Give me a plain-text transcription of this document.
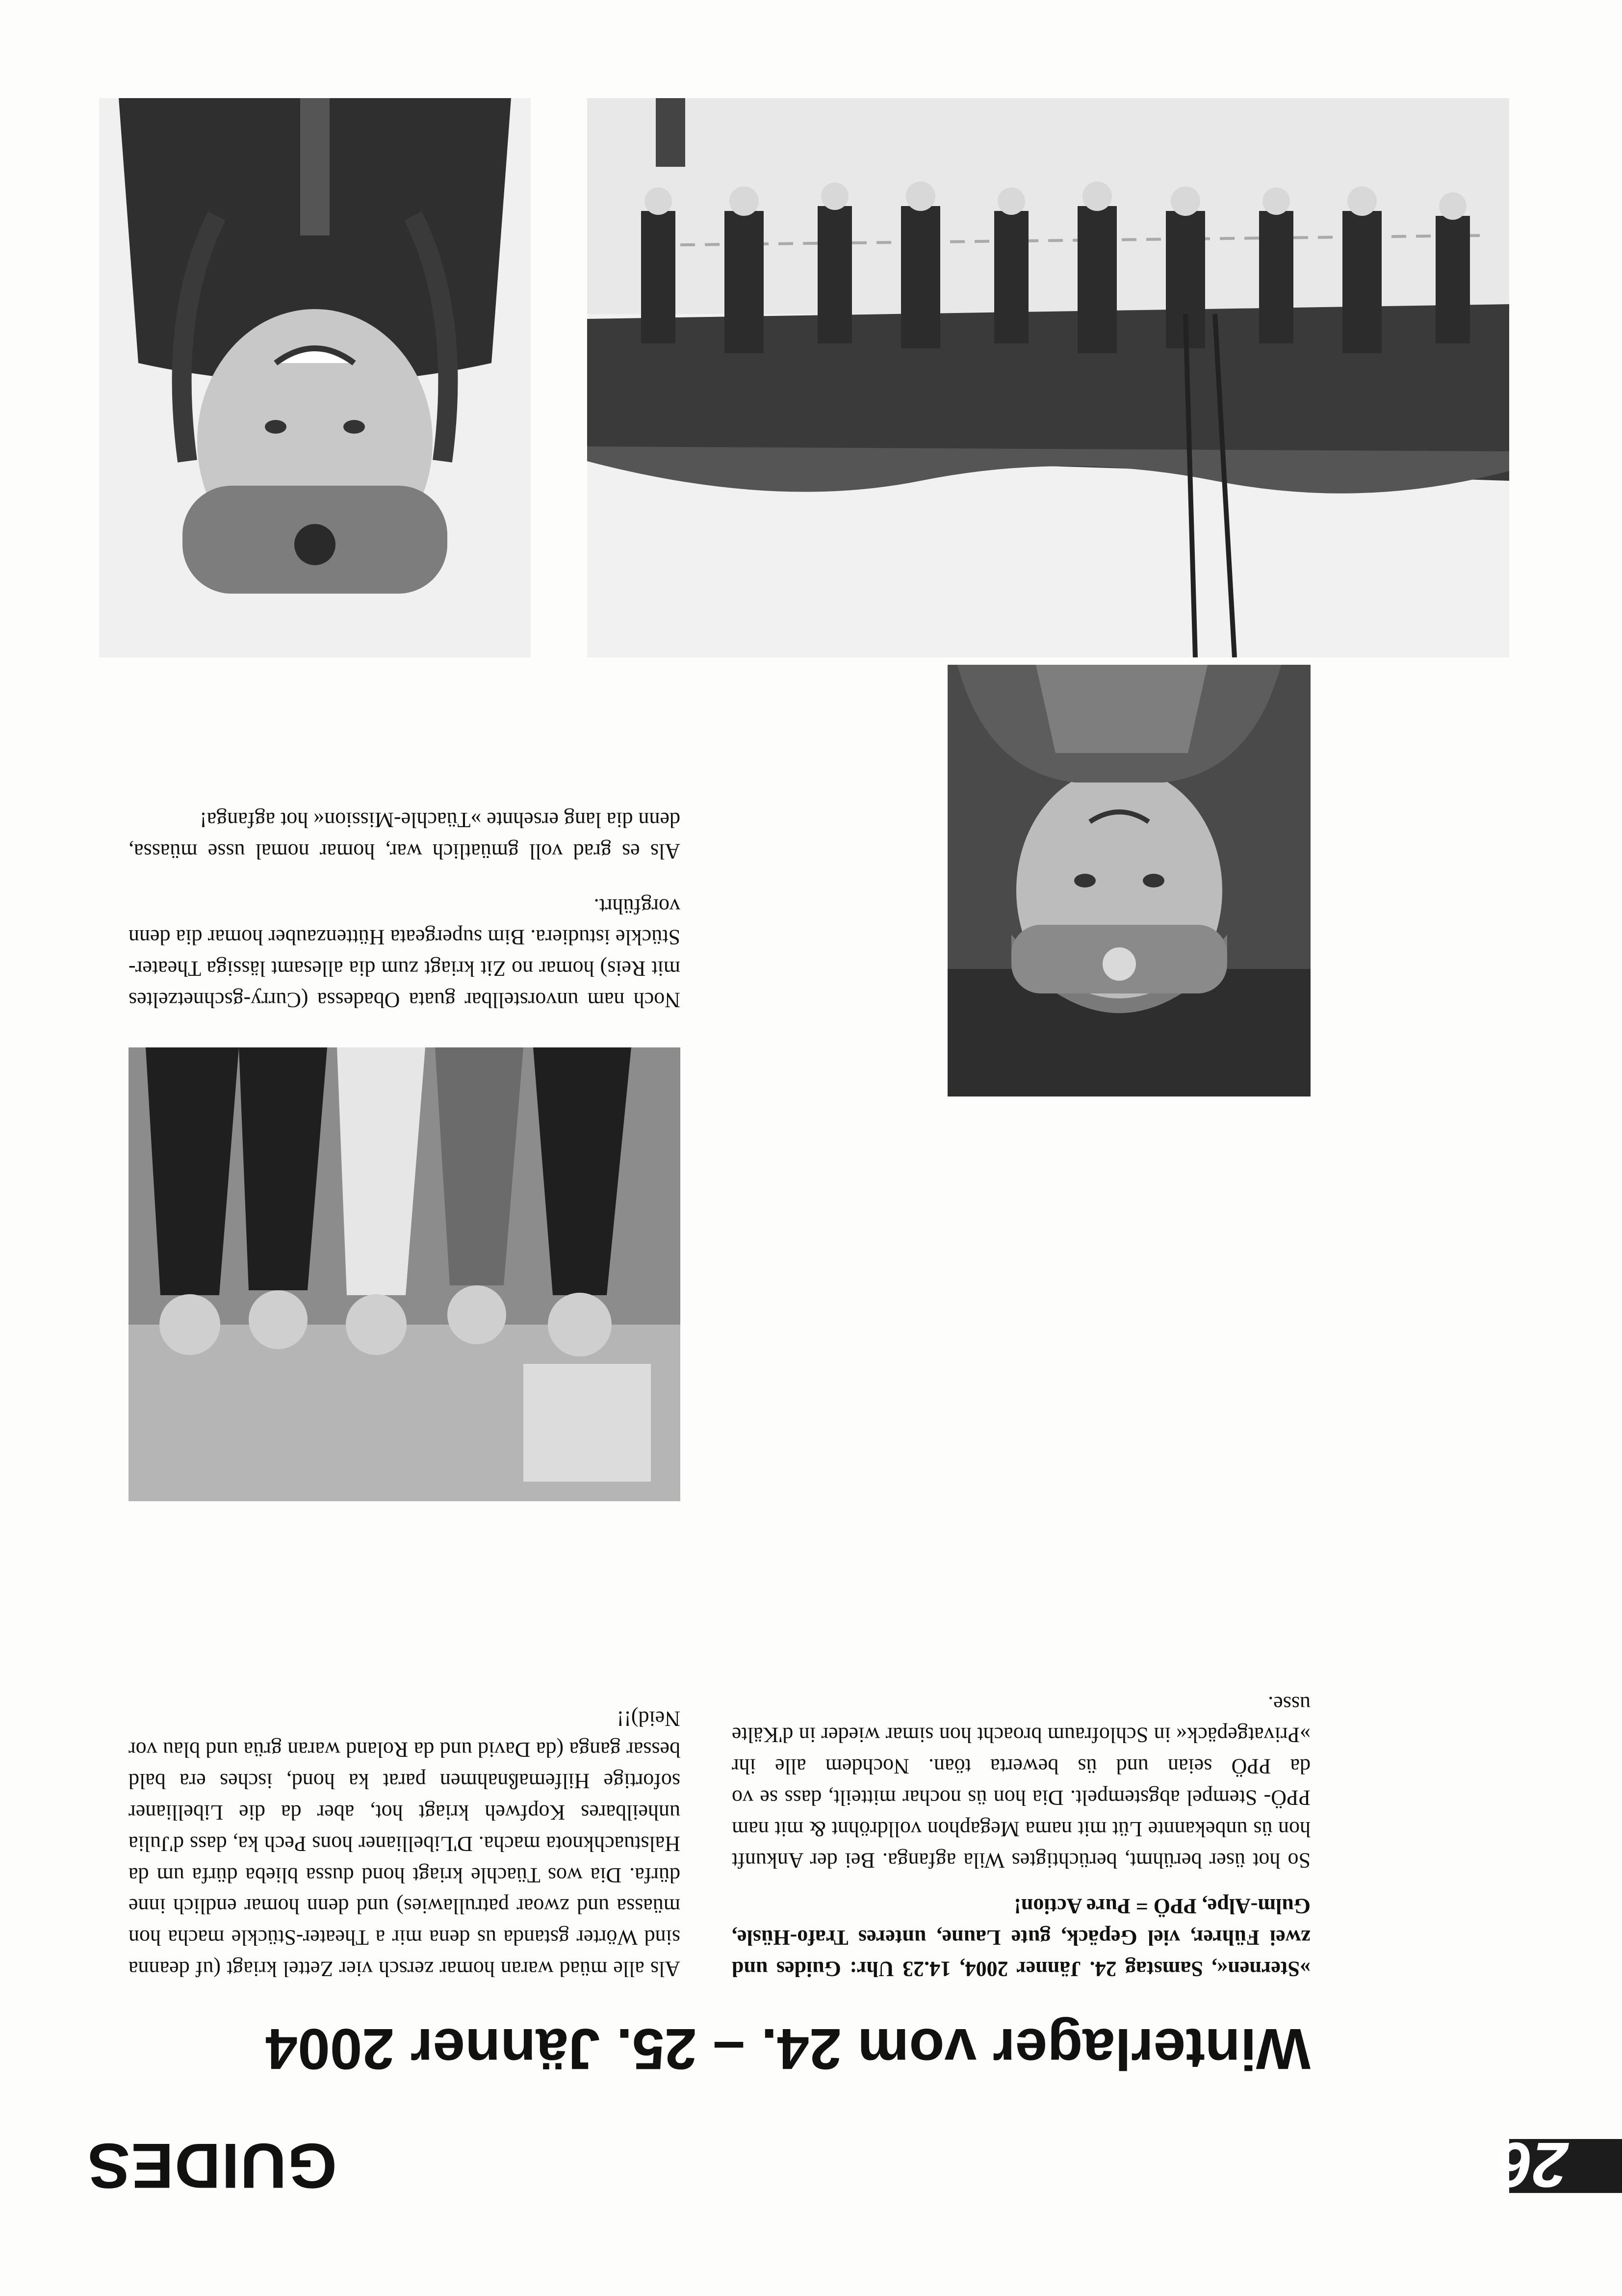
26
GUIDES
Winterlager vom 24. – 25. Jänner 2004

»Sternen«, Samstag 24. Jänner 2004, 14.23 Uhr: Guides und zwei Führer, viel Gepäck, gute Laune, unteres Trafo-Hüsle, Gulm-Alpe, PPÖ = Pure Action!

So hot üser berühmt, berüchtigtes Wila agfanga. Bei der Ankunft hon üs unbekannte Lüt mit nama Megaphon volldröhnt & mit nam PPÖ- Stempel abgstempelt. Dia hon üs nochar mitteilt, dass se vo da PPÖ seian und üs bewerta töan. Nochdem alle ihr »Privatgepäck« in Schlofraum broacht hon simar wieder in d'Kälte usse.

Als alle müad waran homar zersch vier Zettel kriagt (uf deanna sind Wörter gstanda us dena mir a Theater-Stückle macha hon müassa und zwoar patrullawies) und denn homar endlich inne dürfa. Dia wos Tüachle kriagt hond dussa blieba dürfa um da Halstuachknota macha. D'Libellianer hons Pech ka, dass d'Julia unheilbares Kopfweh kriagt hot, aber da die Libellianer sofortige Hilfemaßnahmen parat ka hond, isches era bald bessar ganga (da David und da Roland waran grüa und blau vor Neid)!!

Noch nam unvorstellbar guata Obadessa (Curry-gschnetzeltes mit Reis) homar no Zit kriagt zum dia allesamt lässiga Theater-Stückle istudiera. Bim supergeata Hüttenzauber homar dia denn vorgführt.

Als es grad voll gmüatlich war, homar nomal usse müassa, denn dia lang ersehnte »Tüachle-Mission« hot agfanga!
